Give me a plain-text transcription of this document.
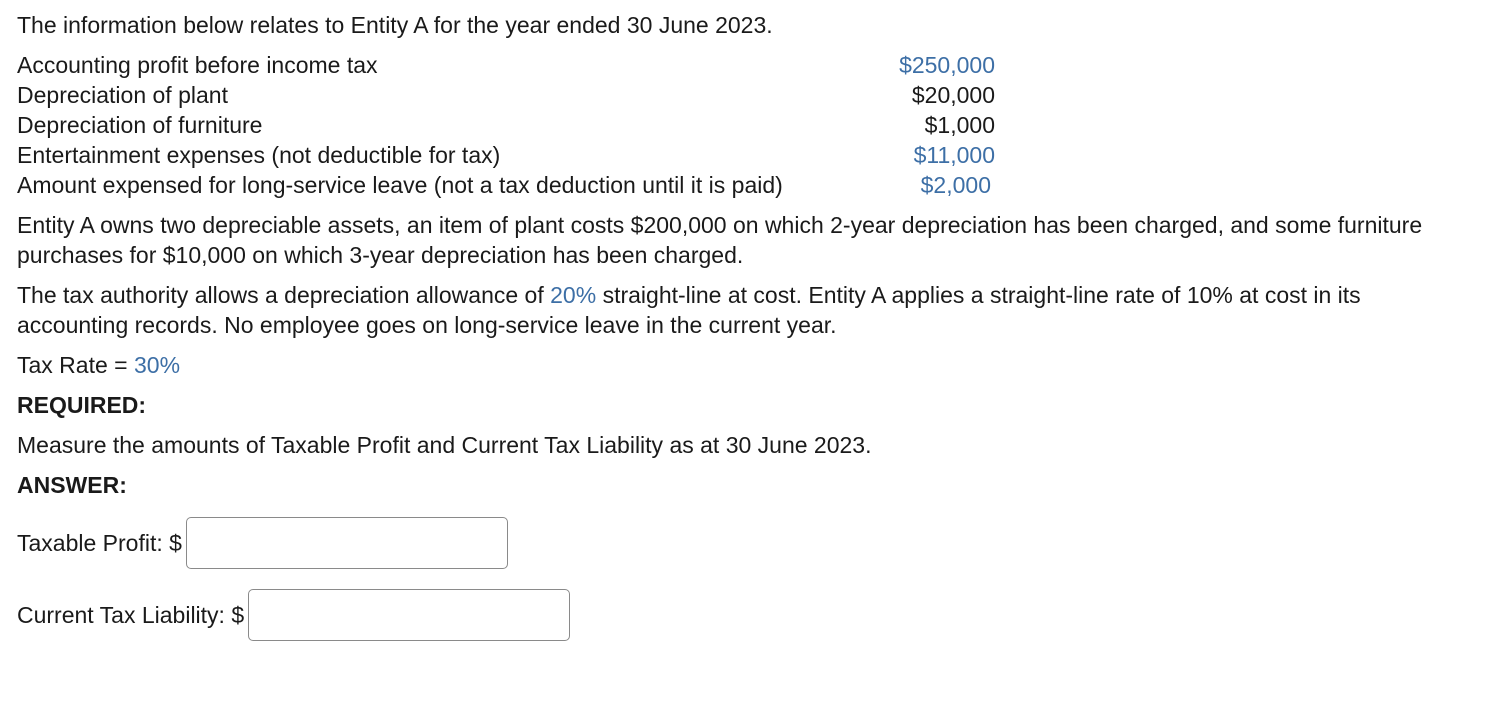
The information below relates to Entity A for the year ended 30 June 2023.
Accounting profit before income tax	$250,000
Depreciation of plant	$20,000
Depreciation of furniture	$1,000
Entertainment expenses (not deductible for tax)	$11,000
Amount expensed for long-service leave (not a tax deduction until it is paid)	$2,000
Entity A owns two depreciable assets, an item of plant costs $200,000 on which 2-year depreciation has been charged, and some furniture purchases for $10,000 on which 3-year depreciation has been charged.
The tax authority allows a depreciation allowance of 20% straight-line at cost. Entity A applies a straight-line rate of 10% at cost in its accounting records. No employee goes on long-service leave in the current year.
Tax Rate = 30%
REQUIRED:
Measure the amounts of Taxable Profit and Current Tax Liability as at 30 June 2023.
ANSWER:
Taxable Profit: $
Current Tax Liability: $
